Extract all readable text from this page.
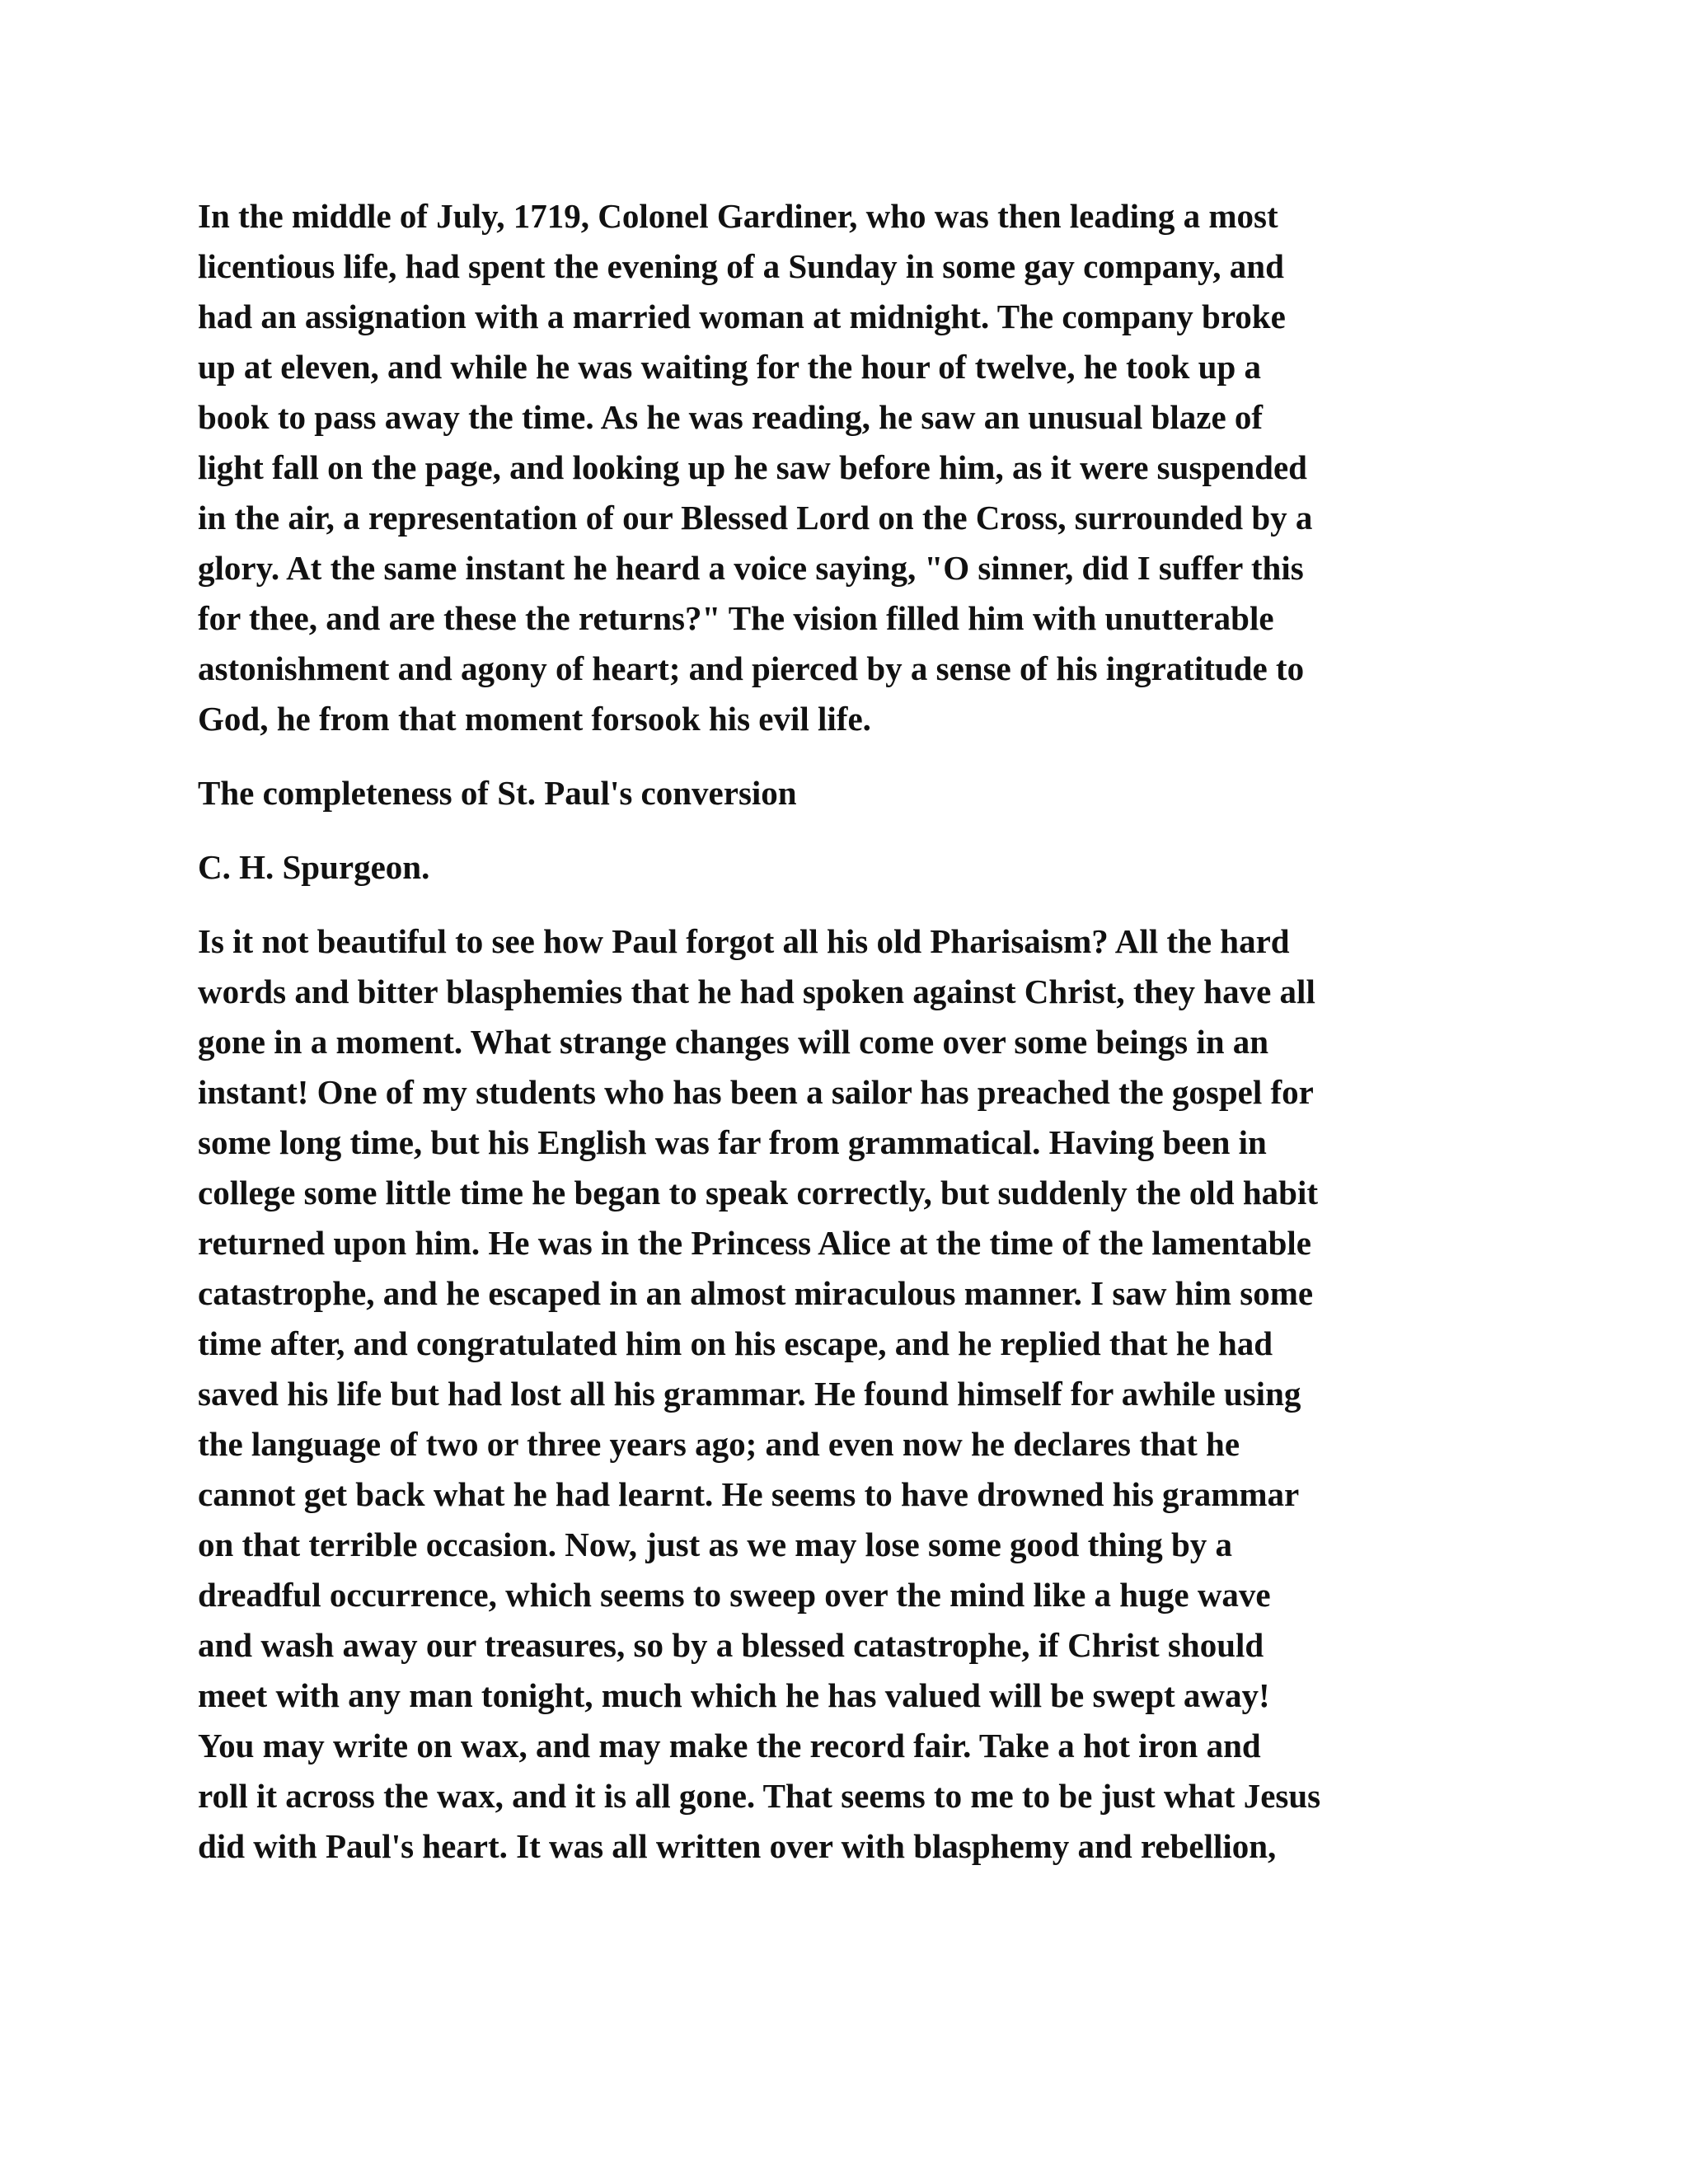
In the middle of July, 1719, Colonel Gardiner, who was then leading a most
licentious life, had spent the evening of a Sunday in some gay company, and
had an assignation with a married woman at midnight. The company broke
up at eleven, and while he was waiting for the hour of twelve, he took up a
book to pass away the time. As he was reading, he saw an unusual blaze of
light fall on the page, and looking up he saw before him, as it were suspended
in the air, a representation of our Blessed Lord on the Cross, surrounded by a
glory. At the same instant he heard a voice saying, "O sinner, did I suffer this
for thee, and are these the returns?" The vision filled him with unutterable
astonishment and agony of heart; and pierced by a sense of his ingratitude to
God, he from that moment forsook his evil life.

The completeness of St. Paul's conversion

C. H. Spurgeon.

Is it not beautiful to see how Paul forgot all his old Pharisaism? All the hard
words and bitter blasphemies that he had spoken against Christ, they have all
gone in a moment. What strange changes will come over some beings in an
instant! One of my students who has been a sailor has preached the gospel for
some long time, but his English was far from grammatical. Having been in
college some little time he began to speak correctly, but suddenly the old habit
returned upon him. He was in the Princess Alice at the time of the lamentable
catastrophe, and he escaped in an almost miraculous manner. I saw him some
time after, and congratulated him on his escape, and he replied that he had
saved his life but had lost all his grammar. He found himself for awhile using
the language of two or three years ago; and even now he declares that he
cannot get back what he had learnt. He seems to have drowned his grammar
on that terrible occasion. Now, just as we may lose some good thing by a
dreadful occurrence, which seems to sweep over the mind like a huge wave
and wash away our treasures, so by a blessed catastrophe, if Christ should
meet with any man tonight, much which he has valued will be swept away!
You may write on wax, and may make the record fair. Take a hot iron and
roll it across the wax, and it is all gone. That seems to me to be just what Jesus
did with Paul's heart. It was all written over with blasphemy and rebellion,
